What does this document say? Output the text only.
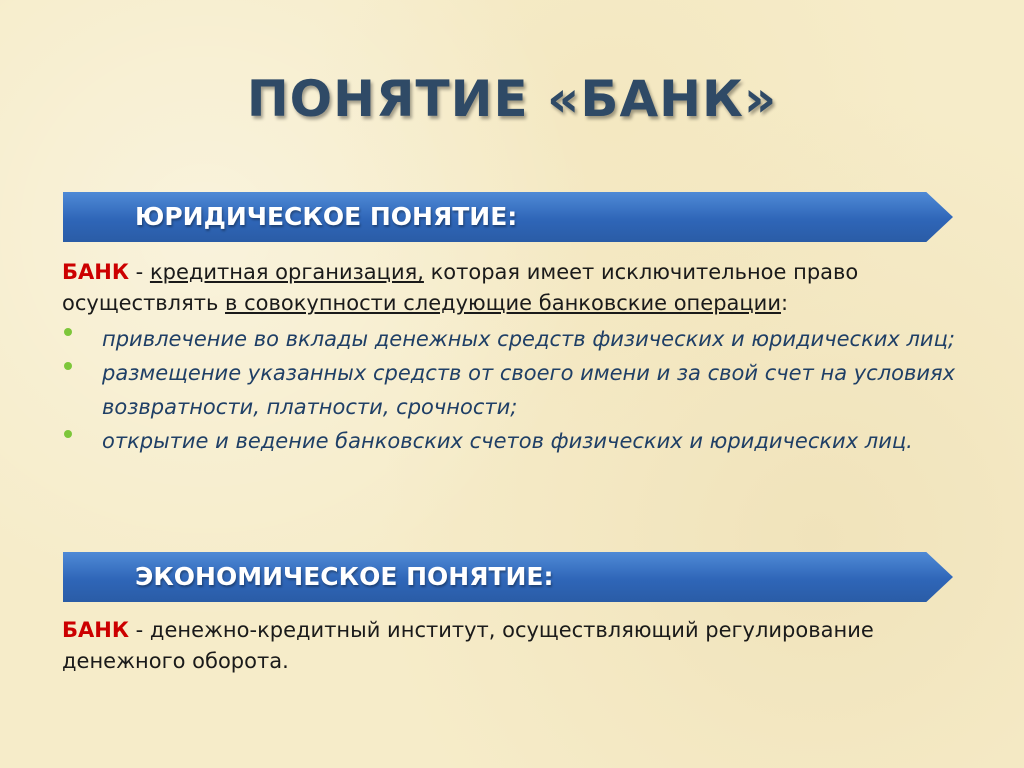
ПОНЯТИЕ «БАНК»
ЮРИДИЧЕСКОЕ ПОНЯТИЕ:
БАНК - кредитная организация, которая имеет исключительное право осуществлять в совокупности следующие банковские операции:
привлечение во вклады денежных средств физических и юридических лиц;
размещение указанных средств от своего имени и за свой счет на условиях возвратности, платности, срочности;
открытие и ведение банковских счетов физических и юридических лиц.
ЭКОНОМИЧЕСКОЕ ПОНЯТИЕ:
БАНК - денежно-кредитный институт, осуществляющий регулирование денежного оборота.
